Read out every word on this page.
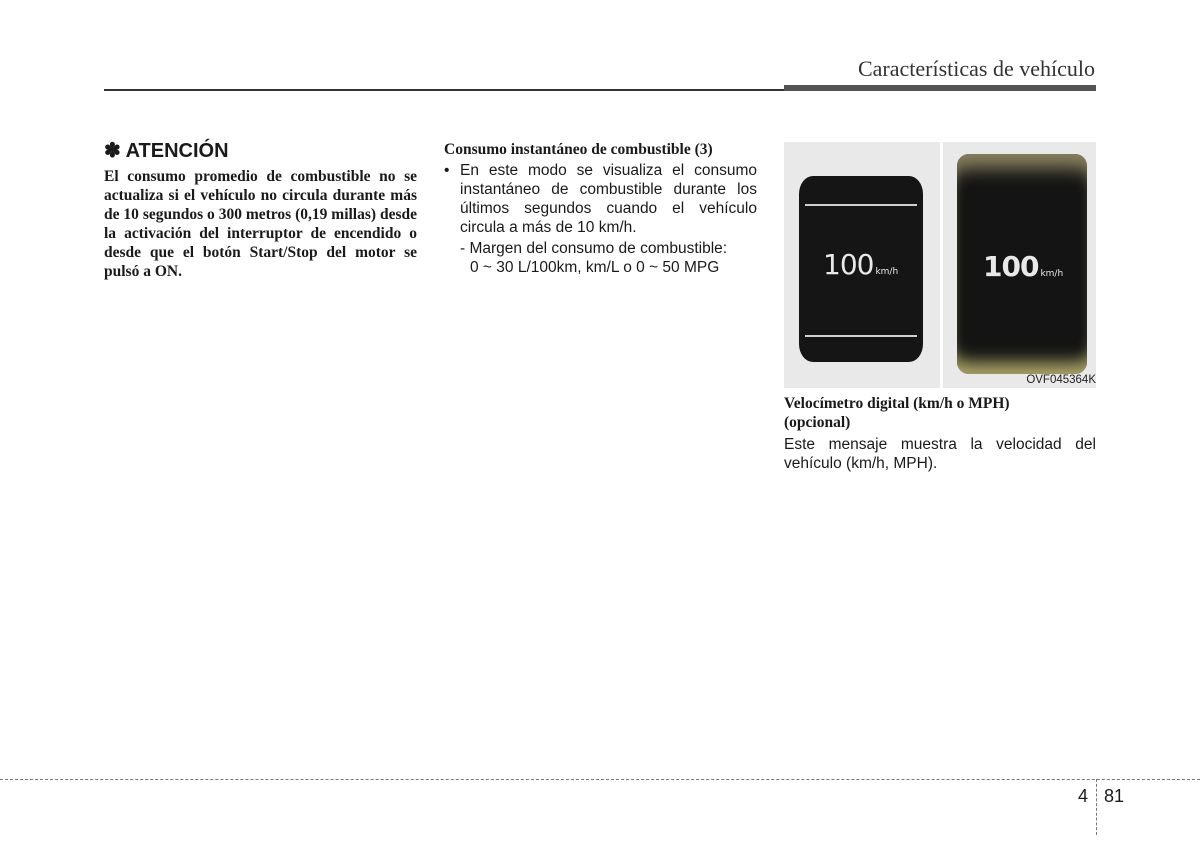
Características de vehículo
✽ ATENCIÓN
El consumo promedio de combustible no se actualiza si el vehículo no circula durante más de 10 segundos o 300 metros (0,19 millas) desde la activación del interruptor de encendido o desde que el botón Start/Stop del motor se pulsó a ON.
Consumo instantáneo de combustible (3)
• En este modo se visualiza el consumo instantáneo de combustible durante los últimos segundos cuando el vehículo circula a más de 10 km/h.
- Margen del consumo de combustible:
0 ~ 30 L/100km, km/L o 0 ~ 50 MPG	100 km/h	100 km/h
OVF045364K
Velocímetro digital (km/h o MPH)
(opcional)
Este mensaje muestra la velocidad del vehículo (km/h, MPH).
4 81
